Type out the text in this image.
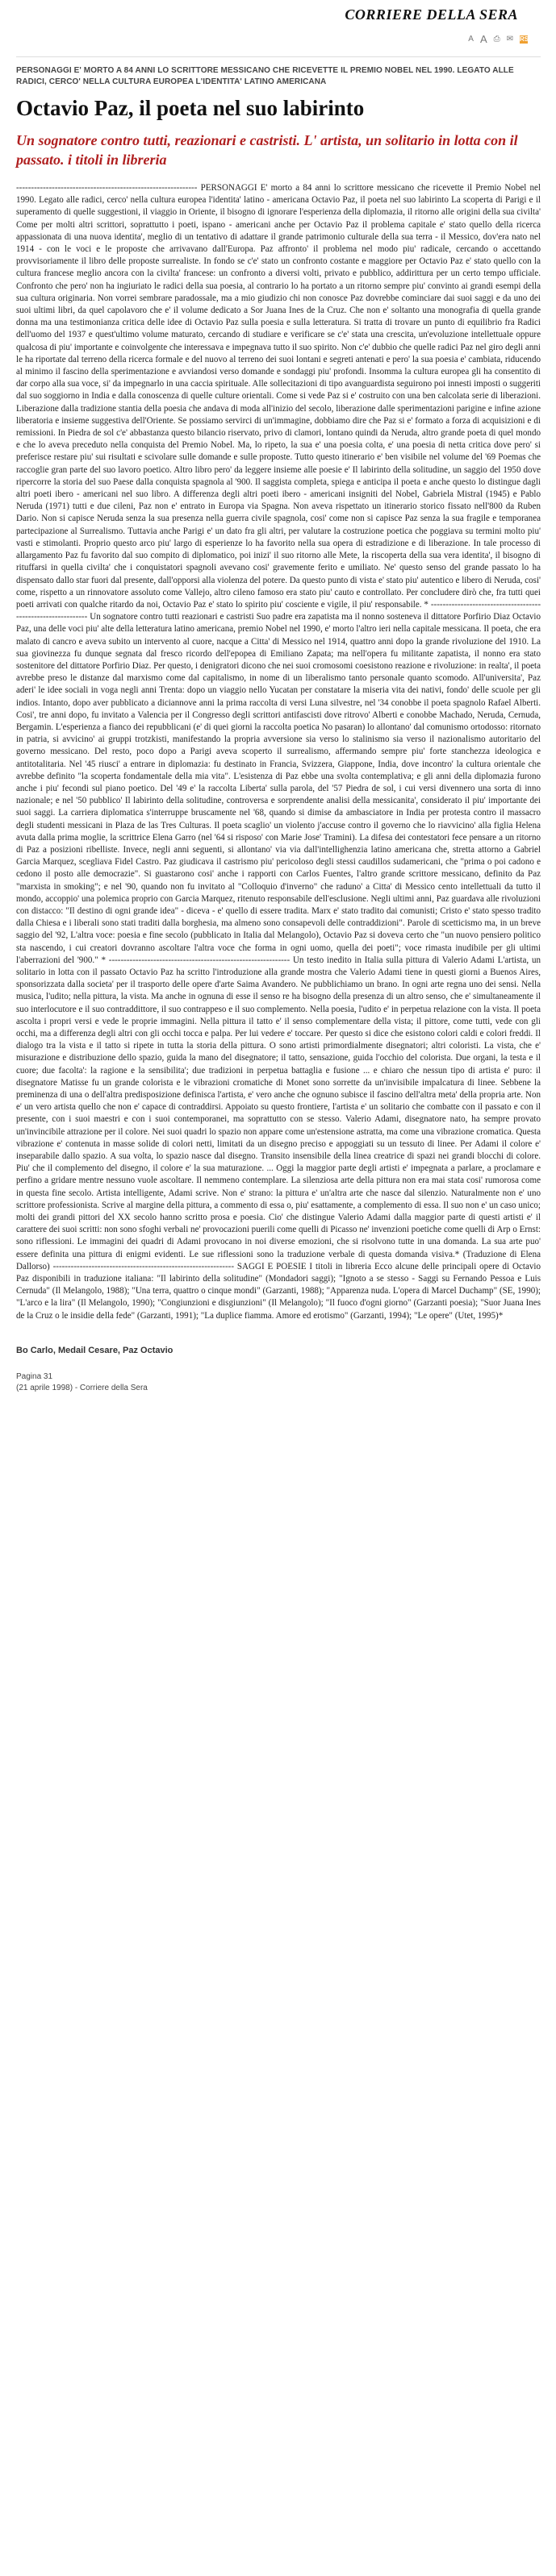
CORRIERE DELLA SERA
A A ⎙ ✉ RSS
PERSONAGGI E' MORTO A 84 ANNI LO SCRITTORE MESSICANO CHE RICEVETTE IL PREMIO NOBEL NEL 1990. LEGATO ALLE RADICI, CERCO' NELLA CULTURA EUROPEA L'IDENTITA' LATINO AMERICANA
Octavio Paz, il poeta nel suo labirinto
Un sognatore contro tutti, reazionari e castristi. L' artista, un solitario in lotta con il passato. i titoli in libreria

------------------------------------------------------------- PERSONAGGI E' morto a 84 anni lo scrittore messicano che ricevette il Premio Nobel nel 1990. Legato alle radici, cerco' nella cultura europea l'identita' latino - americana Octavio Paz, il poeta nel suo labirinto La scoperta di Parigi e il superamento di quelle suggestioni, il viaggio in Oriente, il bisogno di ignorare l'esperienza della diplomazia, il ritorno alle origini della sua civilta' Come per molti altri scrittori, soprattutto i poeti, ispano - americani anche per Octavio Paz il problema capitale e' stato quello della ricerca appassionata di una nuova identita', meglio di un tentativo di adattare il grande patrimonio culturale della sua terra - il Messico, dov'era nato nel 1914 - con le voci e le proposte che arrivavano dall'Europa. Paz affronto' il problema nel modo piu' radicale, cercando o accettando provvisoriamente il libro delle proposte surrealiste. In fondo se c'e' stato un confronto costante e maggiore per Octavio Paz e' stato quello con la cultura francese meglio ancora con la civilta' francese: un confronto a diversi volti, privato e pubblico, addirittura per un certo tempo ufficiale. Confronto che pero' non ha ingiuriato le radici della sua poesia, al contrario lo ha portato a un ritorno sempre piu' convinto ai grandi esempi della sua cultura originaria. Non vorrei sembrare paradossale, ma a mio giudizio chi non conosce Paz dovrebbe cominciare dai suoi saggi e da uno dei suoi ultimi libri, da quel capolavoro che e' il volume dedicato a Sor Juana Ines de la Cruz. Che non e' soltanto una monografia di quella grande donna ma una testimonianza critica delle idee di Octavio Paz sulla poesia e sulla letteratura. Si tratta di trovare un punto di equilibrio fra Radici dell'uomo del 1937 e quest'ultimo volume maturato, cercando di studiare e verificare se c'e' stata una crescita, un'evoluzione intellettuale oppure qualcosa di piu' importante e coinvolgente che interessava e impegnava tutto il suo spirito. Non c'e' dubbio che quelle radici Paz nel giro degli anni le ha riportate dal terreno della ricerca formale e del nuovo al terreno dei suoi lontani e segreti antenati e pero' la sua poesia e' cambiata, riducendo al minimo il fascino della sperimentazione e avviandosi verso domande e sondaggi piu' profondi. Insomma la cultura europea gli ha consentito di dar corpo alla sua voce, si' da impegnarlo in una caccia spirituale. Alle sollecitazioni di tipo avanguardista seguirono poi innesti imposti o suggeriti dal suo soggiorno in India e dalla conoscenza di quelle culture orientali. Come si vede Paz si e' costruito con una ben calcolata serie di liberazioni. Liberazione dalla tradizione stantia della poesia che andava di moda all'inizio del secolo, liberazione dalle sperimentazioni parigine e infine azione liberatoria e insieme suggestiva dell'Oriente. Se possiamo servirci di un'immagine, dobbiamo dire che Paz si e' formato a forza di acquisizioni e di remissioni. In Piedra de sol c'e' abbastanza questo bilancio riservato, privo di clamori, lontano quindi da Neruda, altro grande poeta di quel mondo e che lo aveva preceduto nella conquista del Premio Nobel. Ma, lo ripeto, la sua e' una poesia colta, e' una poesia di netta critica dove pero' si preferisce restare piu' sui risultati e scivolare sulle domande e sulle proposte. Tutto questo itinerario e' ben visibile nel volume del '69 Poemas che raccoglie gran parte del suo lavoro poetico. Altro libro pero' da leggere insieme alle poesie e' Il labirinto della solitudine, un saggio del 1950 dove ripercorre la storia del suo Paese dalla conquista spagnola al '900. Il saggista completa, spiega e anticipa il poeta e anche questo lo distingue dagli altri poeti ibero - americani nel suo libro. A differenza degli altri poeti ibero - americani insigniti del Nobel, Gabriela Mistral (1945) e Pablo Neruda (1971) tutti e due cileni, Paz non e' entrato in Europa via Spagna. Non aveva rispettato un itinerario storico fissato nell'800 da Ruben Dario. Non si capisce Neruda senza la sua presenza nella guerra civile spagnola, cosi' come non si capisce Paz senza la sua fragile e temporanea partecipazione al Surrealismo. Tuttavia anche Parigi e' un dato fra gli altri, per valutare la costruzione poetica che poggiava su termini molto piu' vasti e stimolanti. Proprio questo arco piu' largo di esperienze lo ha favorito nella sua opera di estradizione e di liberazione. In tale processo di allargamento Paz fu favorito dal suo compito di diplomatico, poi inizi' il suo ritorno alle Mete, la riscoperta della sua vera identita', il bisogno di rituffarsi in quella civilta' che i conquistatori spagnoli avevano cosi' gravemente ferito e umiliato. Ne' questo senso del grande passato lo ha dispensato dallo star fuori dal presente, dall'opporsi alla violenza del potere. Da questo punto di vista e' stato piu' autentico e libero di Neruda, cosi' come, rispetto a un rinnovatore assoluto come Vallejo, altro cileno famoso era stato piu' cauto e controllato. Per concludere dirò che, fra tutti quei poeti arrivati con qualche ritardo da noi, Octavio Paz e' stato lo spirito piu' cosciente e vigile, il piu' responsabile. * ------------------------------------------------------------- Un sognatore contro tutti reazionari e castristi Suo padre era zapatista ma il nonno sosteneva il dittatore Porfirio Diaz Octavio Paz, una delle voci piu' alte della letteratura latino americana, premio Nobel nel 1990, e' morto l'altro ieri nella capitale messicana. Il poeta, che era malato di cancro e aveva subito un intervento al cuore, nacque a Citta' di Messico nel 1914, quattro anni dopo la grande rivoluzione del 1910. La sua giovinezza fu dunque segnata dal fresco ricordo dell'epopea di Emiliano Zapata; ma nell'opera fu militante zapatista, il nonno era stato sostenitore del dittatore Porfirio Diaz. Per questo, i denigratori dicono che nei suoi cromosomi coesistono reazione e rivoluzione: in realta', il poeta avrebbe preso le distanze dal marxismo come dal capitalismo, in nome di un liberalismo tanto personale quanto scomodo. All'universita', Paz aderi' le idee sociali in voga negli anni Trenta: dopo un viaggio nello Yucatan per constatare la miseria vita dei nativi, fondo' delle scuole per gli indios. Intanto, dopo aver pubblicato a diciannove anni la prima raccolta di versi Luna silvestre, nel '34 conobbe il poeta spagnolo Rafael Alberti. Cosi', tre anni dopo, fu invitato a Valencia per il Congresso degli scrittori antifascisti dove ritrovo' Alberti e conobbe Machado, Neruda, Cernuda, Bergamin. L'esperienza a fianco dei repubblicani (e' di quei giorni la raccolta poetica No pasaran) lo allontano' dal comunismo ortodosso: ritornato in patria, si avvicino' ai gruppi trotzkisti, manifestando la propria avversione sia verso lo stalinismo sia verso il nazionalismo autoritario del governo messicano. Del resto, poco dopo a Parigi aveva scoperto il surrealismo, affermando sempre piu' forte stanchezza ideologica e antitotalitaria. Nel '45 riusci' a entrare in diplomazia: fu destinato in Francia, Svizzera, Giappone, India, dove incontro' la cultura orientale che avrebbe definito "la scoperta fondamentale della mia vita". L'esistenza di Paz ebbe una svolta contemplativa; e gli anni della diplomazia furono anche i piu' fecondi sul piano poetico. Del '49 e' la raccolta Liberta' sulla parola, del '57 Piedra de sol, i cui versi divennero una sorta di inno nazionale; e nel '50 pubblico' Il labirinto della solitudine, controversa e sorprendente analisi della messicanita', considerato il piu' importante dei suoi saggi. La carriera diplomatica s'interruppe bruscamente nel '68, quando si dimise da ambasciatore in India per protesta contro il massacro degli studenti messicani in Plaza de las Tres Culturas. Il poeta scaglio' un violento j'accuse contro il governo che lo riavvicino' alla figlia Helena avuta dalla prima moglie, la scrittrice Elena Garro (nel '64 si risposo' con Marie Jose' Tramini). La difesa dei contestatori fece pensare a un ritorno di Paz a posizioni ribelliste. Invece, negli anni seguenti, si allontano' via via dall'intellighenzia latino americana che, stretta attorno a Gabriel Garcia Marquez, scegliava Fidel Castro. Paz giudicava il castrismo piu' pericoloso degli stessi caudillos sudamericani, che "prima o poi cadono e cedono il posto alle democrazie". Si guastarono cosi' anche i rapporti con Carlos Fuentes, l'altro grande scrittore messicano, definito da Paz "marxista in smoking"; e nel '90, quando non fu invitato al "Colloquio d'inverno" che raduno' a Citta' di Messico cento intellettuali da tutto il mondo, accoppio' una polemica proprio con Garcia Marquez, ritenuto responsabile dell'esclusione. Negli ultimi anni, Paz guardava alle rivoluzioni con distacco: "Il destino di ogni grande idea" - diceva - e' quello di essere tradita. Marx e' stato tradito dai comunisti; Cristo e' stato spesso tradito dalla Chiesa e i liberali sono stati traditi dalla borghesia, ma almeno sono consapevoli delle contraddizioni". Parole di scetticismo ma, in un breve saggio del '92, L'altra voce: poesia e fine secolo (pubblicato in Italia dal Melangolo), Octavio Paz si doveva certo che "un nuovo pensiero politico sta nascendo, i cui creatori dovranno ascoltare l'altra voce che forma in ogni uomo, quella dei poeti"; voce rimasta inudibile per gli ultimi l'aberrazioni del '900." * ------------------------------------------------------------- Un testo inedito in Italia sulla pittura di Valerio Adami L'artista, un solitario in lotta con il passato Octavio Paz ha scritto l'introduzione alla grande mostra che Valerio Adami tiene in questi giorni a Buenos Aires, sponsorizzata dalla societa' per il trasporto delle opere d'arte Saima Avandero. Ne pubblichiamo un brano. In ogni arte regna uno dei sensi. Nella musica, l'udito; nella pittura, la vista. Ma anche in ognuna di esse il senso re ha bisogno della presenza di un altro senso, che e' simultaneamente il suo interlocutore e il suo contraddittore, il suo contrappeso e il suo complemento. Nella poesia, l'udito e' in perpetua relazione con la vista. Il poeta ascolta i propri versi e vede le proprie immagini. Nella pittura il tatto e' il senso complementare della vista; il pittore, come tutti, vede con gli occhi, ma a differenza degli altri con gli occhi tocca e palpa. Per lui vedere e' toccare. Per questo si dice che esistono colori caldi e colori freddi. Il dialogo tra la vista e il tatto si ripete in tutta la storia della pittura. O sono artisti primordialmente disegnatori; altri coloristi. La vista, che e' misurazione e distribuzione dello spazio, guida la mano del disegnatore; il tatto, sensazione, guida l'occhio del colorista. Due organi, la testa e il cuore; due facolta': la ragione e la sensibilita'; due tradizioni in perpetua battaglia e fusione ... e chiaro che nessun tipo di artista e' puro: il disegnatore Matisse fu un grande colorista e le vibrazioni cromatiche di Monet sono sorrette da un'invisibile impalcatura di linee. Sebbene la preminenza di una o dell'altra predisposizione definisca l'artista, e' vero anche che ognuno subisce il fascino dell'altra meta' della propria arte. Non e' un vero artista quello che non e' capace di contraddirsi. Appoiato su questo frontiere, l'artista e' un solitario che combatte con il passato e con il presente, con i suoi maestri e con i suoi contemporanei, ma soprattutto con se stesso. Valerio Adami, disegnatore nato, ha sempre provato un'invincibile attrazione per il colore. Nei suoi quadri lo spazio non appare come un'estensione astratta, ma come una vibrazione cromatica. Questa vibrazione e' contenuta in masse solide di colori netti, limitati da un disegno preciso e appoggiati su un tessuto di linee. Per Adami il colore e' inseparabile dallo spazio. A sua volta, lo spazio nasce dal disegno. Transito insensibile della linea creatrice di spazi nei grandi blocchi di colore. Piu' che il complemento del disegno, il colore e' la sua maturazione. ... Oggi la maggior parte degli artisti e' impegnata a parlare, a proclamare e perfino a gridare mentre nessuno vuole ascoltare. Il nemmeno contemplare. La silenziosa arte della pittura non era mai stata cosi' rumorosa come in questa fine secolo. Artista intelligente, Adami scrive. Non e' strano: la pittura e' un'altra arte che nasce dal silenzio. Naturalmente non e' uno scrittore professionista. Scrive al margine della pittura, a commento di essa o, piu' esattamente, a complemento di essa. Il suo non e' un caso unico; molti dei grandi pittori del XX secolo hanno scritto prosa e poesia. Cio' che distingue Valerio Adami dalla maggior parte di questi artisti e' il carattere dei suoi scritti: non sono sfoghi verbali ne' provocazioni puerili come quelli di Picasso ne' invenzioni poetiche come quelli di Arp o Ernst: sono riflessioni. Le immagini dei quadri di Adami provocano in noi diverse emozioni, che si risolvono tutte in una domanda. La sua arte puo' essere definita una pittura di enigmi evidenti. Le sue riflessioni sono la traduzione verbale di questa domanda visiva.* (Traduzione di Elena Dallorso) ------------------------------------------------------------- SAGGI E POESIE I titoli in libreria Ecco alcune delle principali opere di Octavio Paz disponibili in traduzione italiana: "Il labirinto della solitudine" (Mondadori saggi); "Ignoto a se stesso - Saggi su Fernando Pessoa e Luis Cernuda" (Il Melangolo, 1988); "Una terra, quattro o cinque mondi" (Garzanti, 1988); "Apparenza nuda. L'opera di Marcel Duchamp" (SE, 1990); "L'arco e la lira" (Il Melangolo, 1990); "Congiunzioni e disgiunzioni" (Il Melangolo); "Il fuoco d'ogni giorno" (Garzanti poesia); "Suor Juana Ines de la Cruz o le insidie della fede" (Garzanti, 1991); "La duplice fiamma. Amore ed erotismo" (Garzanti, 1994); "Le opere" (Utet, 1995)*

Bo Carlo, Medail Cesare, Paz Octavio
Pagina 31
(21 aprile 1998) - Corriere della Sera
